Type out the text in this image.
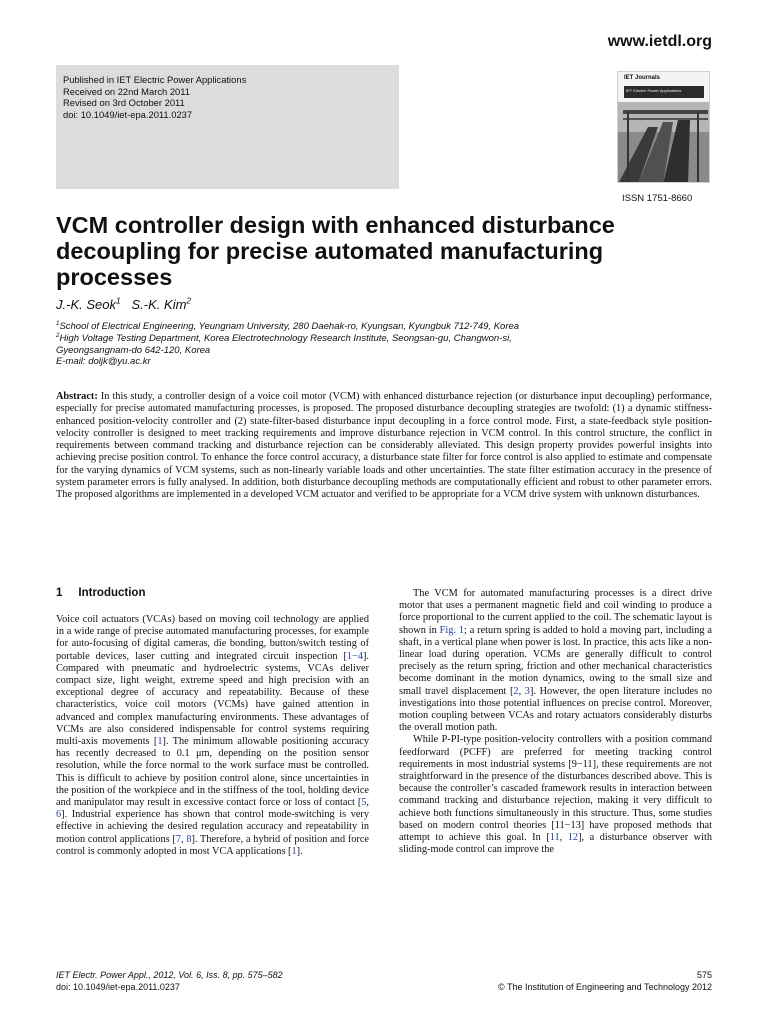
www.ietdl.org
Published in IET Electric Power Applications
Received on 22nd March 2011
Revised on 3rd October 2011
doi: 10.1049/iet-epa.2011.0237
IET Journals
IET Electric Power Applications
ISSN 1751-8660
VCM controller design with enhanced disturbance decoupling for precise automated manufacturing processes
J.-K. Seok$^1$ S.-K. Kim$^2$
$^1$School of Electrical Engineering, Yeungnam University, 280 Daehak-ro, Kyungsan, Kyungbuk 712-749, Korea
$^2$High Voltage Testing Department, Korea Electrotechnology Research Institute, Seongsan-gu, Changwon-si,
Gyeongsangnam-do 642-120, Korea
E-mail: doljk@yu.ac.kr
Abstract: In this study, a controller design of a voice coil motor (VCM) with enhanced disturbance rejection (or disturbance input decoupling) performance, especially for precise automated manufacturing processes, is proposed. The proposed disturbance decoupling strategies are twofold: (1) a dynamic stiffness-enhanced position-velocity controller and (2) state-filter-based disturbance input decoupling in a force control mode. First, a state-feedback style position-velocity controller is designed to meet tracking requirements and improve disturbance rejection in VCM control. In this control structure, the conflict in requirements between command tracking and disturbance rejection can be considerably alleviated. This design property provides powerful insights into achieving precise position control. To enhance the force control accuracy, a disturbance state filter for force control is also applied to estimate and compensate for the varying dynamics of VCM systems, such as non-linearly variable loads and other uncertainties. The state filter estimation accuracy in the presence of system parameter errors is fully analysed. In addition, both disturbance decoupling methods are computationally efficient and robust to other parameter errors. The proposed algorithms are implemented in a developed VCM actuator and verified to be appropriate for a VCM drive system with unknown disturbances.
1 Introduction

Voice coil actuators (VCAs) based on moving coil technology are applied in a wide range of precise automated manufacturing processes, for example for auto-focusing of digital cameras, die bonding, button/switch testing of portable devices, laser cutting and integrated circuit inspection [1−4]. Compared with pneumatic and hydroelectric systems, VCAs deliver compact size, light weight, extreme speed and high precision with an exceptional degree of accuracy and repeatability. Because of these characteristics, voice coil motors (VCMs) have gained attention in advanced and complex manufacturing environments. These advantages of VCMs are also considered indispensable for control systems requiring multi-axis movements [1]. The minimum allowable positioning accuracy has recently decreased to 0.1 μm, depending on the position sensor resolution, while the force normal to the work surface must be controlled. This is difficult to achieve by position control alone, since uncertainties in the position of the workpiece and in the stiffness of the tool, holding device and manipulator may result in excessive contact force or loss of contact [5, 6]. Industrial experience has shown that control mode-switching is very effective in achieving the desired regulation accuracy and repeatability in motion control applications [7, 8]. Therefore, a hybrid of position and force control is commonly adopted in most VCA applications [1].

The VCM for automated manufacturing processes is a direct drive motor that uses a permanent magnetic field and coil winding to produce a force proportional to the current applied to the coil. The schematic layout is shown in Fig. 1; a return spring is added to hold a moving part, including a shaft, in a vertical plane when power is lost. In practice, this acts like a non-linear load during operation. VCMs are generally difficult to control precisely as the return spring, friction and other mechanical characteristics become dominant in the motion dynamics, owing to the small size and small travel displacement [2, 3]. However, the open literature includes no investigations into those potential influences on precise control. Moreover, motion coupling between VCAs and rotary actuators considerably disturbs the overall motion path.

While P-PI-type position-velocity controllers with a position command feedforward (PCFF) are preferred for meeting tracking control requirements in most industrial systems [9−11], these requirements are not straightforward in the presence of the disturbances described above. This is because the controller’s cascaded framework results in interaction between command tracking and disturbance rejection, making it very difficult to achieve both functions simultaneously in this structure. Thus, some studies based on modern control theories [11−13] have proposed methods that attempt to achieve this goal. In [11, 12], a disturbance observer with sliding-mode control can improve the

IET Electr. Power Appl., 2012, Vol. 6, Iss. 8, pp. 575–582
doi: 10.1049/iet-epa.2011.0237
575
© The Institution of Engineering and Technology 2012
